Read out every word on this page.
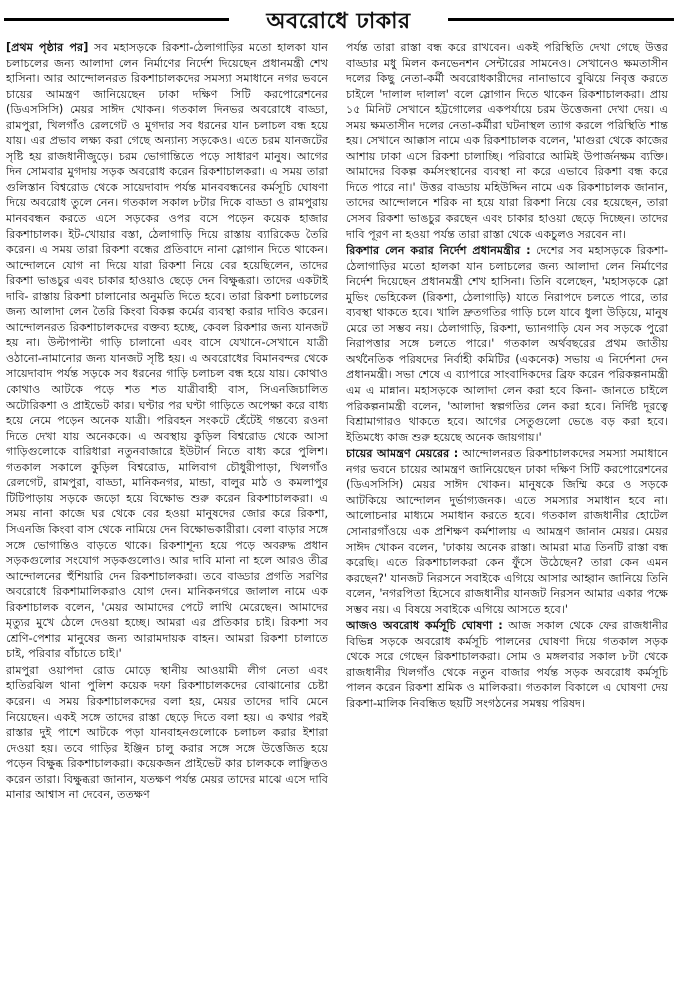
অবরোধে ঢাকার

[প্রথম পৃষ্ঠার পর] সব মহাসড়কে রিকশা-ঠেলাগাড়ির মতো হালকা যান চলাচলের জন্য আলাদা লেন নির্মাণের নির্দেশ দিয়েছেন প্রধানমন্ত্রী শেখ হাসিনা। আর আন্দোলনরত রিকশাচালকদের সমস্যা সমাধানে নগর ভবনে চায়ের আমন্ত্রণ জানিয়েছেন ঢাকা দক্ষিণ সিটি করপোরেশনের (ডিএসসিসি) মেয়র সাঈদ খোকন। গতকাল দিনভর অবরোধে বাড্ডা, রামপুরা, খিলগাঁও রেলগেট ও মুগদার সব ধরনের যান চলাচল বন্ধ হয়ে যায়। এর প্রভাব লক্ষ্য করা গেছে অন্যান্য সড়কেও। এতে চরম যানজটের সৃষ্টি হয় রাজধানীজুড়ে। চরম ভোগান্তিতে পড়ে সাধারণ মানুষ। আগের দিন সোমবার মুগদায় সড়ক অবরোধ করেন রিকশাচালকরা। এ সময় তারা গুলিস্তান বিশ্বরোড থেকে সায়েদাবাদ পর্যন্ত মানববন্ধনের কর্মসূচি ঘোষণা দিয়ে অবরোধ তুলে নেন। গতকাল সকাল ৮টার দিকে বাড্ডা ও রামপুরায় মানববন্ধন করতে এসে সড়কের ওপর বসে পড়েন কয়েক হাজার রিকশাচালক। ইট-খোয়ার বস্তা, ঠেলাগাড়ি দিয়ে রাস্তায় ব্যারিকেড তৈরি করেন। এ সময় তারা রিকশা বন্ধের প্রতিবাদে নানা স্লোগান দিতে থাকেন। আন্দোলনে যোগ না দিয়ে যারা রিকশা নিয়ে বের হয়েছিলেন, তাদের রিকশা ভাঙচুর এবং চাকার হাওয়াও ছেড়ে দেন বিক্ষুব্ধরা। তাদের একটাই দাবি- রাস্তায় রিকশা চালানোর অনুমতি দিতে হবে। তারা রিকশা চলাচলের জন্য আলাদা লেন তৈরি কিংবা বিকল্প কর্মের ব্যবস্থা করার দাবিও করেন। আন্দোলনরত রিকশাচালকদের বক্তব্য হচ্ছে, কেবল রিকশার জন্য যানজট হয় না। উল্টাপাল্টা গাড়ি চালানো এবং বাসে যেখানে-সেখানে যাত্রী ওঠানো-নামানোর জন্য যানজট সৃষ্টি হয়। এ অবরোধের বিমানবন্দর থেকে সায়েদাবাদ পর্যন্ত সড়কে সব ধরনের গাড়ি চলাচল বন্ধ হয়ে যায়। কোথাও কোথাও আটকে পড়ে শত শত যাত্রীবাহী বাস, সিএনজিচালিত অটোরিকশা ও প্রাইভেট কার। ঘণ্টার পর ঘণ্টা গাড়িতে অপেক্ষা করে বাধ্য হয়ে নেমে পড়েন অনেক যাত্রী। পরিবহন সংকটে হেঁটেই গন্তব্যে রওনা দিতে দেখা যায় অনেককে। এ অবস্থায় কুড়িল বিশ্বরোড থেকে আসা গাড়িগুলোকে বারিধারা নতুনবাজারে ইউটার্ন নিতে বাধ্য করে পুলিশ। গতকাল সকালে কুড়িল বিশ্বরোড, মালিবাগ চৌধুরীপাড়া, খিলগাঁও রেলগেট, রামপুরা, বাড্ডা, মানিকনগর, মান্ডা, বালুর মাঠ ও কমলাপুর টিটিপাড়ায় সড়কে জড়ো হয়ে বিক্ষোভ শুরু করেন রিকশাচালকরা। এ সময় নানা কাজে ঘর থেকে বের হওয়া মানুষদের জোর করে রিকশা, সিএনজি কিংবা বাস থেকে নামিয়ে দেন বিক্ষোভকারীরা। বেলা বাড়ার সঙ্গে সঙ্গে ভোগান্তিও বাড়তে থাকে। রিকশাশূন্য হয়ে পড়ে অবরুদ্ধ প্রধান সড়কগুলোর সংযোগ সড়কগুলোও। আর দাবি মানা না হলে আরও তীব্র আন্দোলনের হুঁশিয়ারি দেন রিকশাচালকরা। তবে বাড্ডার প্রগতি সরণির অবরোধে রিকশামালিকরাও যোগ দেন। মানিকনগরে জালাল নামে এক রিকশাচালক বলেন, 'মেয়র আমাদের পেটে লাথি মেরেছেন। আমাদের মৃত্যুর মুখে ঠেলে দেওয়া হচ্ছে। আমরা এর প্রতিকার চাই। রিকশা সব শ্রেণি-পেশার মানুষের জন্য আরামদায়ক বাহন। আমরা রিকশা চালাতে চাই, পরিবার বাঁচাতে চাই।'

রামপুরা ওয়াপদা রোড মোড়ে স্থানীয় আওয়ামী লীগ নেতা এবং হাতিরঝিল থানা পুলিশ কয়েক দফা রিকশাচালকদের বোঝানোর চেষ্টা করেন। এ সময় রিকশাচালকদের বলা হয়, মেয়র তাদের দাবি মেনে নিয়েছেন। একই সঙ্গে তাদের রাস্তা ছেড়ে দিতে বলা হয়। এ কথার পরই রাস্তার দুই পাশে আটকে পড়া যানবাহনগুলোকে চলাচল করার ইশারা দেওয়া হয়। তবে গাড়ির ইঞ্জিন চালু করার সঙ্গে সঙ্গে উত্তেজিত হয়ে পড়েন বিক্ষুব্ধ রিকশাচালকরা। কয়েকজন প্রাইভেট কার চালককে লাঞ্ছিতও করেন তারা। বিক্ষুব্ধরা জানান, যতক্ষণ পর্যন্ত মেয়র তাদের মাঝে এসে দাবি মানার আশ্বাস না দেবেন, ততক্ষণ

পর্যন্ত তারা রাস্তা বন্ধ করে রাখবেন। একই পরিস্থিতি দেখা গেছে উত্তর বাড্ডার মধু মিলন কনভেনশন সেন্টারের সামনেও। সেখানেও ক্ষমতাসীন দলের কিছু নেতা-কর্মী অবরোধকারীদের নানাভাবে বুঝিয়ে নিবৃত্ত করতে চাইলে 'দালাল দালাল' বলে স্লোগান দিতে থাকেন রিকশাচালকরা। প্রায় ১৫ মিনিট সেখানে হট্টগোলের একপর্যায়ে চরম উত্তেজনা দেখা দেয়। এ সময় ক্ষমতাসীন দলের নেতা-কর্মীরা ঘটনাস্থল ত্যাগ করলে পরিস্থিতি শান্ত হয়। সেখানে আক্কাস নামে এক রিকশাচালক বলেন, 'মাগুরা থেকে কাজের আশায় ঢাকা এসে রিকশা চালাচ্ছি। পরিবারে আমিই উপার্জনক্ষম ব্যক্তি। আমাদের বিকল্প কর্মসংস্থানের ব্যবস্থা না করে এভাবে রিকশা বন্ধ করে দিতে পারে না।' উত্তর বাড্ডায় মহিউদ্দিন নামে এক রিকশাচালক জানান, তাদের আন্দোলনে শরিক না হয়ে যারা রিকশা নিয়ে বের হয়েছেন, তারা সেসব রিকশা ভাঙচুর করছেন এবং চাকার হাওয়া ছেড়ে দিচ্ছেন। তাদের দাবি পূরণ না হওয়া পর্যন্ত তারা রাস্তা থেকে একচুলও সরবেন না।

রিকশার লেন করার নির্দেশ প্রধানমন্ত্রীর : দেশের সব মহাসড়কে রিকশা-ঠেলাগাড়ির মতো হালকা যান চলাচলের জন্য আলাদা লেন নির্মাণের নির্দেশ দিয়েছেন প্রধানমন্ত্রী শেখ হাসিনা। তিনি বলেছেন, 'মহাসড়কে স্লো মুভিং ভেহিকেল (রিকশা, ঠেলাগাড়ি) যাতে নিরাপদে চলতে পারে, তার ব্যবস্থা থাকতে হবে। খালি দ্রুতগতির গাড়ি চলে যাবে ধুলা উড়িয়ে, মানুষ মেরে তা সম্ভব নয়। ঠেলাগাড়ি, রিকশা, ভ্যানগাড়ি যেন সব সড়কে পুরো নিরাপত্তার সঙ্গে চলতে পারে।' গতকাল অর্থবছরের প্রথম জাতীয় অর্থনৈতিক পরিষদের নির্বাহী কমিটির (একনেক) সভায় এ নির্দেশনা দেন প্রধানমন্ত্রী। সভা শেষে এ ব্যাপারে সাংবাদিকদের ব্রিফ করেন পরিকল্পনামন্ত্রী এম এ মান্নান। মহাসড়কে আলাদা লেন করা হবে কিনা- জানতে চাইলে পরিকল্পনামন্ত্রী বলেন, 'আলাদা স্বল্পগতির লেন করা হবে। নির্দিষ্ট দূরত্বে বিশ্রামাগারও থাকতে হবে। আগের সেতুগুলো ভেঙে বড় করা হবে। ইতিমধ্যে কাজ শুরু হয়েছে অনেক জায়গায়।'

চায়ের আমন্ত্রণ মেয়রের : আন্দোলনরত রিকশাচালকদের সমস্যা সমাধানে নগর ভবনে চায়ের আমন্ত্রণ জানিয়েছেন ঢাকা দক্ষিণ সিটি করপোরেশনের (ডিএসসিসি) মেয়র সাঈদ খোকন। মানুষকে জিম্মি করে ও সড়কে আটকিয়ে আন্দোলন দুর্ভাগ্যজনক। এতে সমস্যার সমাধান হবে না। আলোচনার মাধ্যমে সমাধান করতে হবে। গতকাল রাজধানীর হোটেল সোনারগাঁওয়ে এক প্রশিক্ষণ কর্মশালায় এ আমন্ত্রণ জানান মেয়র। মেয়র সাঈদ খোকন বলেন, 'ঢাকায় অনেক রাস্তা। আমরা মাত্র তিনটি রাস্তা বন্ধ করেছি। এতে রিকশাচালকরা কেন ফুঁসে উঠেছেন? তারা কেন এমন করছেন?' যানজট নিরসনে সবাইকে এগিয়ে আসার আহ্বান জানিয়ে তিনি বলেন, 'নগরপিতা হিসেবে রাজধানীর যানজট নিরসন আমার একার পক্ষে সম্ভব নয়। এ বিষয়ে সবাইকে এগিয়ে আসতে হবে।'

আজও অবরোধ কর্মসূচি ঘোষণা : আজ সকাল থেকে ফের রাজধানীর বিভিন্ন সড়কে অবরোধ কর্মসূচি পালনের ঘোষণা দিয়ে গতকাল সড়ক থেকে সরে গেছেন রিকশাচালকরা। সোম ও মঙ্গলবার সকাল ৮টা থেকে রাজধানীর খিলগাঁও থেকে নতুন বাজার পর্যন্ত সড়ক অবরোধ কর্মসূচি পালন করেন রিকশা শ্রমিক ও মালিকরা। গতকাল বিকালে এ ঘোষণা দেয় রিকশা-মালিক নিবন্ধিত ছয়টি সংগঠনের সমন্বয় পরিষদ।
